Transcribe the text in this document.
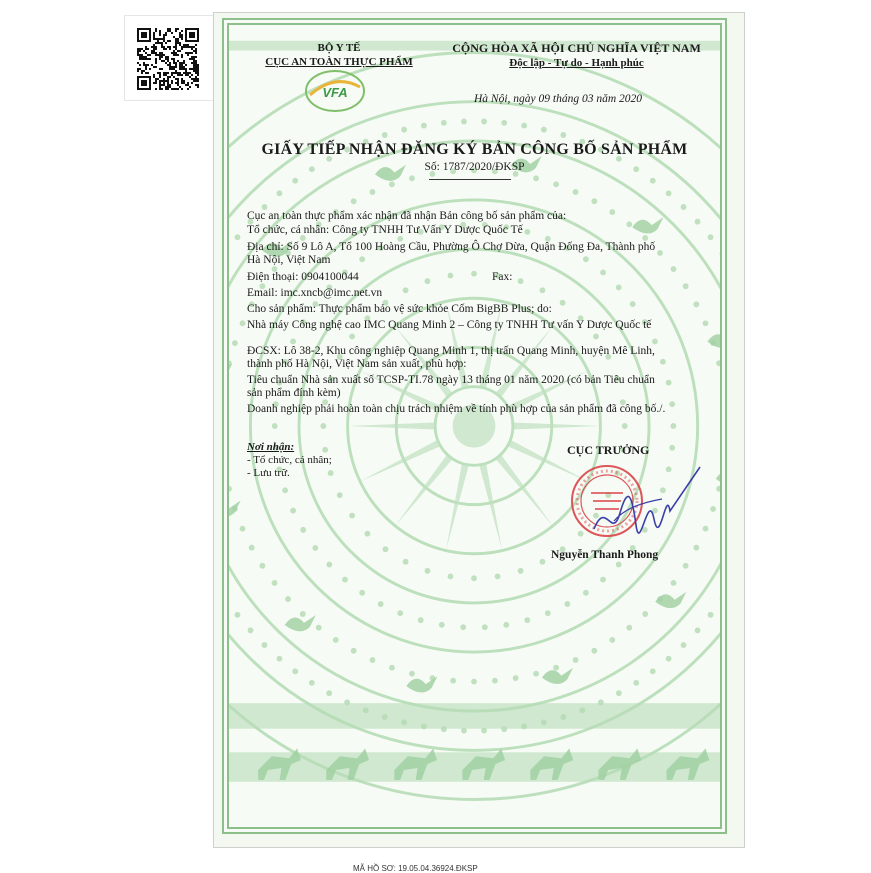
BỘ Y TẾ
CỤC AN TOÀN THỰC PHẨM
VFA
CỘNG HÒA XÃ HỘI CHỦ NGHĨA VIỆT NAM
Độc lập - Tự do - Hạnh phúc
Hà Nội, ngày 09 tháng 03 năm 2020
GIẤY TIẾP NHẬN ĐĂNG KÝ BẢN CÔNG BỐ SẢN PHẨM
Số: 1787/2020/ĐKSP
Cục an toàn thực phẩm xác nhận đã nhận Bản công bố sản phẩm của:
Tổ chức, cá nhân: Công ty TNHH Tư Vấn Y Dược Quốc Tế
Địa chỉ: Số 9 Lô A, Tổ 100 Hoàng Cầu, Phường Ô Chợ Dừa, Quận Đống Đa, Thành phố
Hà Nội, Việt Nam
Điện thoại: 0904100044	Fax:
Email: imc.xncb@imc.net.vn
Cho sản phẩm: Thực phẩm bảo vệ sức khỏe Cốm BigBB Plus; do:
Nhà máy Công nghệ cao IMC Quang Minh 2 – Công ty TNHH Tư vấn Y Dược Quốc tế
ĐCSX: Lô 38-2, Khu công nghiệp Quang Minh 1, thị trấn Quang Minh, huyện Mê Linh,
thành phố Hà Nội, Việt Nam sản xuất, phù hợp:
Tiêu chuẩn Nhà sản xuất số TCSP-TI.78 ngày 13 tháng 01 năm 2020 (có bản Tiêu chuẩn
sản phẩm đính kèm)
Doanh nghiệp phải hoàn toàn chịu trách nhiệm về tính phù hợp của sản phẩm đã công bố./.
Nơi nhận:
- Tổ chức, cá nhân;
- Lưu trữ.
CỤC TRƯỞNG
Nguyễn Thanh Phong
MÃ HỒ SƠ: 19.05.04.36924.ĐKSP
